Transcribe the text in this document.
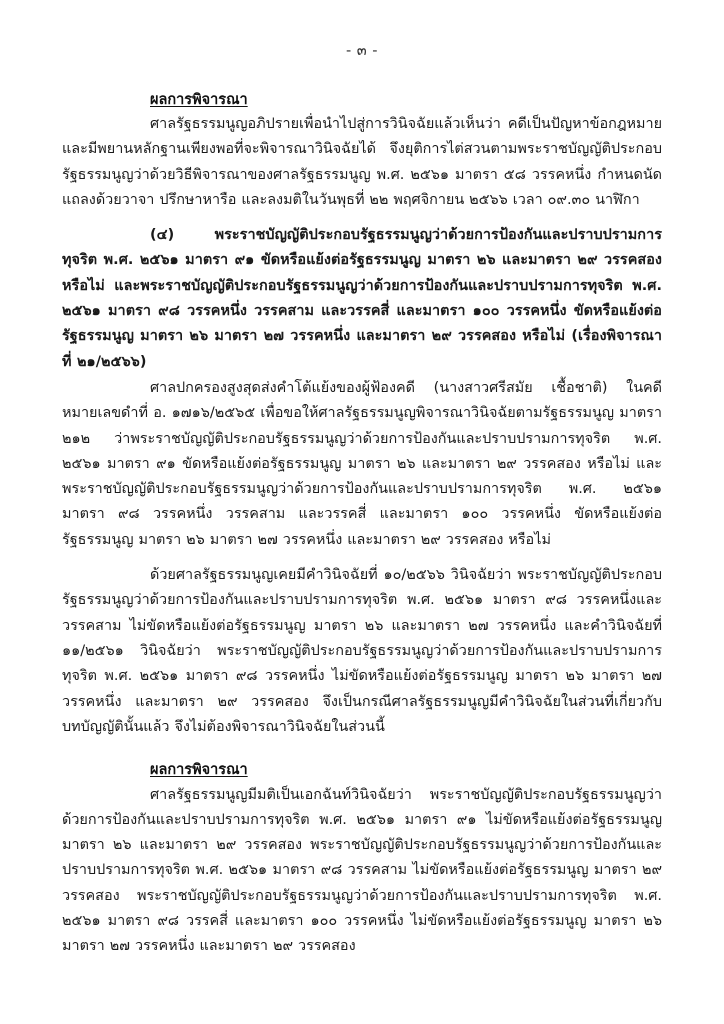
- ๓ -
ผลการพิจารณา

ศาลรัฐธรรมนูญอภิปรายเพื่อนำไปสู่การวินิจฉัยแล้วเห็นว่า คดีเป็นปัญหาข้อกฎหมายและมีพยานหลักฐานเพียงพอที่จะพิจารณาวินิจฉัยได้ จึงยุติการไต่สวนตามพระราชบัญญัติประกอบรัฐธรรมนูญว่าด้วยวิธีพิจารณาของศาลรัฐธรรมนูญ พ.ศ. ๒๕๖๑ มาตรา ๕๘ วรรคหนึ่ง กำหนดนัดแถลงด้วยวาจา ปรึกษาหารือ และลงมติในวันพุธที่ ๒๒ พฤศจิกายน ๒๕๖๖ เวลา ๐๙.๓๐ นาฬิกา

(๔) พระราชบัญญัติประกอบรัฐธรรมนูญว่าด้วยการป้องกันและปราบปรามการทุจริต พ.ศ. ๒๕๖๑ มาตรา ๙๑ ขัดหรือแย้งต่อรัฐธรรมนูญ มาตรา ๒๖ และมาตรา ๒๙ วรรคสอง หรือไม่ และพระราชบัญญัติประกอบรัฐธรรมนูญว่าด้วยการป้องกันและปราบปรามการทุจริต พ.ศ. ๒๕๖๑ มาตรา ๙๘ วรรคหนึ่ง วรรคสาม และวรรคสี่ และมาตรา ๑๐๐ วรรคหนึ่ง ขัดหรือแย้งต่อรัฐธรรมนูญ มาตรา ๒๖ มาตรา ๒๗ วรรคหนึ่ง และมาตรา ๒๙ วรรคสอง หรือไม่ (เรื่องพิจารณาที่ ๒๑/๒๕๖๖)

ศาลปกครองสูงสุดส่งคำโต้แย้งของผู้ฟ้องคดี (นางสาวศรีสมัย เชื้อชาติ) ในคดีหมายเลขดำที่ อ. ๑๗๑๖/๒๕๖๕ เพื่อขอให้ศาลรัฐธรรมนูญพิจารณาวินิจฉัยตามรัฐธรรมนูญ มาตรา ๒๑๒ ว่าพระราชบัญญัติประกอบรัฐธรรมนูญว่าด้วยการป้องกันและปราบปรามการทุจริต พ.ศ. ๒๕๖๑ มาตรา ๙๑ ขัดหรือแย้งต่อรัฐธรรมนูญ มาตรา ๒๖ และมาตรา ๒๙ วรรคสอง หรือไม่ และพระราชบัญญัติประกอบรัฐธรรมนูญว่าด้วยการป้องกันและปราบปรามการทุจริต พ.ศ. ๒๕๖๑ มาตรา ๙๘ วรรคหนึ่ง วรรคสาม และวรรคสี่ และมาตรา ๑๐๐ วรรคหนึ่ง ขัดหรือแย้งต่อรัฐธรรมนูญ มาตรา ๒๖ มาตรา ๒๗ วรรคหนึ่ง และมาตรา ๒๙ วรรคสอง หรือไม่

ด้วยศาลรัฐธรรมนูญเคยมีคำวินิจฉัยที่ ๑๐/๒๕๖๖ วินิจฉัยว่า พระราชบัญญัติประกอบรัฐธรรมนูญว่าด้วยการป้องกันและปราบปรามการทุจริต พ.ศ. ๒๕๖๑ มาตรา ๙๘ วรรคหนึ่งและวรรคสาม ไม่ขัดหรือแย้งต่อรัฐธรรมนูญ มาตรา ๒๖ และมาตรา ๒๗ วรรคหนึ่ง และคำวินิจฉัยที่ ๑๑/๒๕๖๑ วินิจฉัยว่า พระราชบัญญัติประกอบรัฐธรรมนูญว่าด้วยการป้องกันและปราบปรามการทุจริต พ.ศ. ๒๕๖๑ มาตรา ๙๘ วรรคหนึ่ง ไม่ขัดหรือแย้งต่อรัฐธรรมนูญ มาตรา ๒๖ มาตรา ๒๗ วรรคหนึ่ง และมาตรา ๒๙ วรรคสอง จึงเป็นกรณีศาลรัฐธรรมนูญมีคำวินิจฉัยในส่วนที่เกี่ยวกับบทบัญญัตินั้นแล้ว จึงไม่ต้องพิจารณาวินิจฉัยในส่วนนี้

ผลการพิจารณา

ศาลรัฐธรรมนูญมีมติเป็นเอกฉันท์วินิจฉัยว่า พระราชบัญญัติประกอบรัฐธรรมนูญว่าด้วยการป้องกันและปราบปรามการทุจริต พ.ศ. ๒๕๖๑ มาตรา ๙๑ ไม่ขัดหรือแย้งต่อรัฐธรรมนูญ มาตรา ๒๖ และมาตรา ๒๙ วรรคสอง พระราชบัญญัติประกอบรัฐธรรมนูญว่าด้วยการป้องกันและปราบปรามการทุจริต พ.ศ. ๒๕๖๑ มาตรา ๙๘ วรรคสาม ไม่ขัดหรือแย้งต่อรัฐธรรมนูญ มาตรา ๒๙ วรรคสอง พระราชบัญญัติประกอบรัฐธรรมนูญว่าด้วยการป้องกันและปราบปรามการทุจริต พ.ศ. ๒๕๖๑ มาตรา ๙๘ วรรคสี่ และมาตรา ๑๐๐ วรรคหนึ่ง ไม่ขัดหรือแย้งต่อรัฐธรรมนูญ มาตรา ๒๖ มาตรา ๒๗ วรรคหนึ่ง และมาตรา ๒๙ วรรคสอง
